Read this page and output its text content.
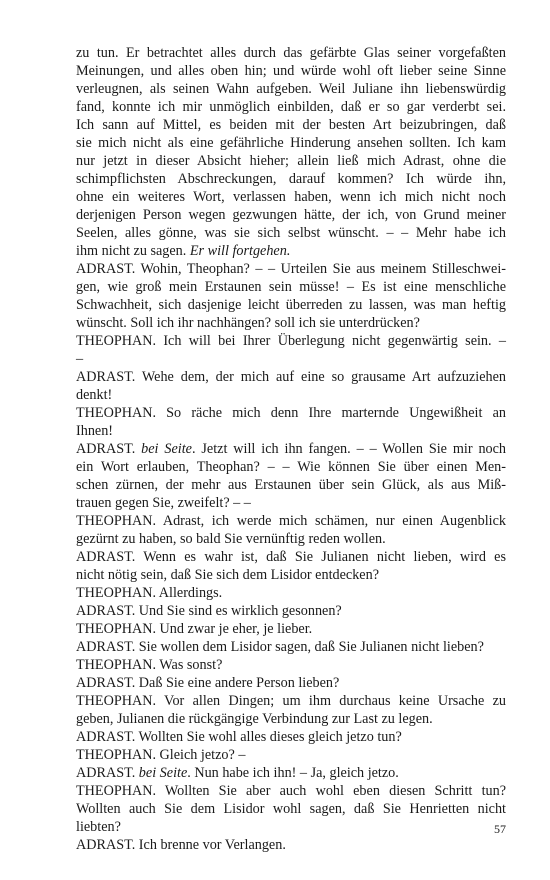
zu tun. Er betrachtet alles durch das gefärbte Glas seiner vorgefaßten
Meinungen, und alles oben hin; und würde wohl oft lieber seine Sinne
verleugnen, als seinen Wahn aufgeben. Weil Juliane ihn liebenswürdig
fand, konnte ich mir unmöglich einbilden, daß er so gar verderbt sei.
Ich sann auf Mittel, es beiden mit der besten Art beizubringen, daß
sie mich nicht als eine gefährliche Hinderung ansehen sollten. Ich kam
nur jetzt in dieser Absicht hieher; allein ließ mich Adrast, ohne die
schimpflichsten Abschreckungen, darauf kommen? Ich würde ihn,
ohne ein weiteres Wort, verlassen haben, wenn ich mich nicht noch
derjenigen Person wegen gezwungen hätte, der ich, von Grund meiner
Seelen, alles gönne, was sie sich selbst wünscht. – – Mehr habe ich
ihm nicht zu sagen. Er will fortgehen.
ADRAST. Wohin, Theophan? – – Urteilen Sie aus meinem Stilleschwei-
gen, wie groß mein Erstaunen sein müsse! – Es ist eine menschliche
Schwachheit, sich dasjenige leicht überreden zu lassen, was man heftig
wünscht. Soll ich ihr nachhängen? soll ich sie unterdrücken?
THEOPHAN. Ich will bei Ihrer Überlegung nicht gegenwärtig sein. –
–
ADRAST. Wehe dem, der mich auf eine so grausame Art aufzuziehen
denkt!
THEOPHAN. So räche mich denn Ihre marternde Ungewißheit an
Ihnen!
ADRAST. bei Seite. Jetzt will ich ihn fangen. – – Wollen Sie mir noch
ein Wort erlauben, Theophan? – – Wie können Sie über einen Men-
schen zürnen, der mehr aus Erstaunen über sein Glück, als aus Miß-
trauen gegen Sie, zweifelt? – –
THEOPHAN. Adrast, ich werde mich schämen, nur einen Augenblick
gezürnt zu haben, so bald Sie vernünftig reden wollen.
ADRAST. Wenn es wahr ist, daß Sie Julianen nicht lieben, wird es
nicht nötig sein, daß Sie sich dem Lisidor entdecken?
THEOPHAN. Allerdings.
ADRAST. Und Sie sind es wirklich gesonnen?
THEOPHAN. Und zwar je eher, je lieber.
ADRAST. Sie wollen dem Lisidor sagen, daß Sie Julianen nicht lieben?
THEOPHAN. Was sonst?
ADRAST. Daß Sie eine andere Person lieben?
THEOPHAN. Vor allen Dingen; um ihm durchaus keine Ursache zu
geben, Julianen die rückgängige Verbindung zur Last zu legen.
ADRAST. Wollten Sie wohl alles dieses gleich jetzo tun?
THEOPHAN. Gleich jetzo? –
ADRAST. bei Seite. Nun habe ich ihn! – Ja, gleich jetzo.
THEOPHAN. Wollten Sie aber auch wohl eben diesen Schritt tun?
Wollten auch Sie dem Lisidor wohl sagen, daß Sie Henrietten nicht
liebten?
ADRAST. Ich brenne vor Verlangen.
57
